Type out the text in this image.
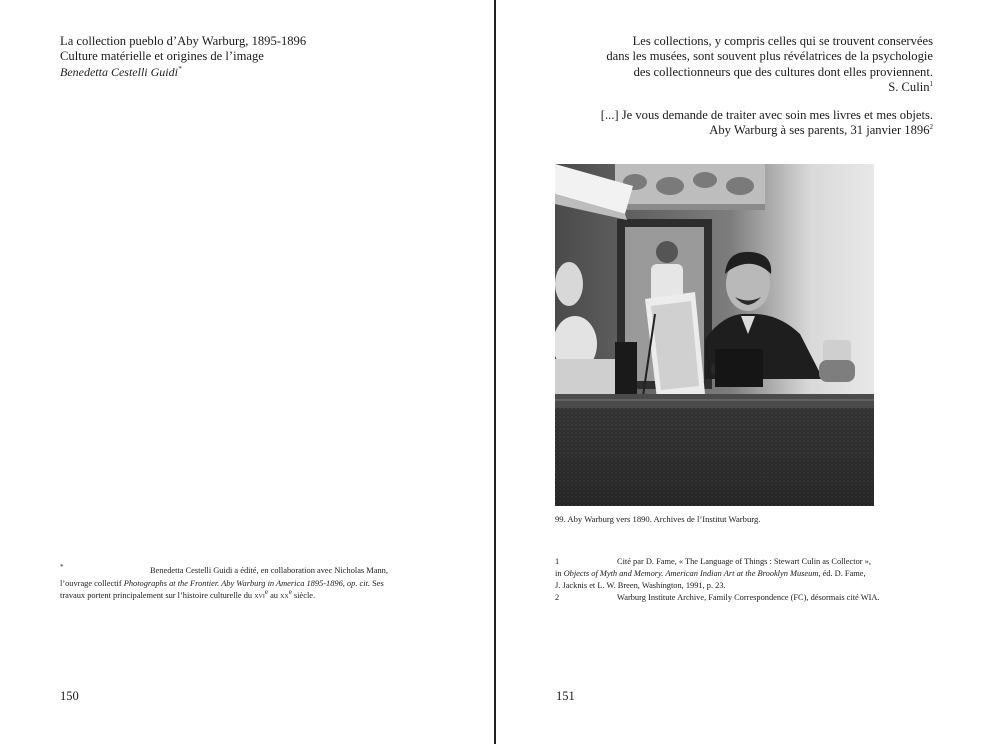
La collection pueblo d’Aby Warburg, 1895-1896
Culture matérielle et origines de l’image
Benedetta Cestelli Guidi*
*	Benedetta Cestelli Guidi a édité, en collaboration avec Nicholas Mann,
l’ouvrage collectif Photographs at the Frontier. Aby Warburg in America 1895-1896, op. cit. Ses
travaux portent principalement sur l’histoire culturelle du xvi$^e$ au $xx^e$ siècle.
150

Les collections, y compris celles qui se trouvent conservées

dans les musées, sont souvent plus révélatrices de la psychologie

des collectionneurs que des cultures dont elles proviennent.

S. Culin$^1$

[...] Je vous demande de traiter avec soin mes livres et mes objets.

Aby Warburg à ses parents, 31 janvier 1896$^2$

99. Aby Warburg vers 1890. Archives de l’Institut Warburg.
1	Cité par D. Fame, « The Language of Things : Stewart Culin as Collector »,
in Objects of Myth and Memory. American Indian Art at the Brooklyn Museum, éd. D. Fame,
J. Jacknis et L. W. Breen, Washington, 1991, p. 23.
2	Warburg Institute Archive, Family Correspondence (FC), désormais cité WIA.
151
